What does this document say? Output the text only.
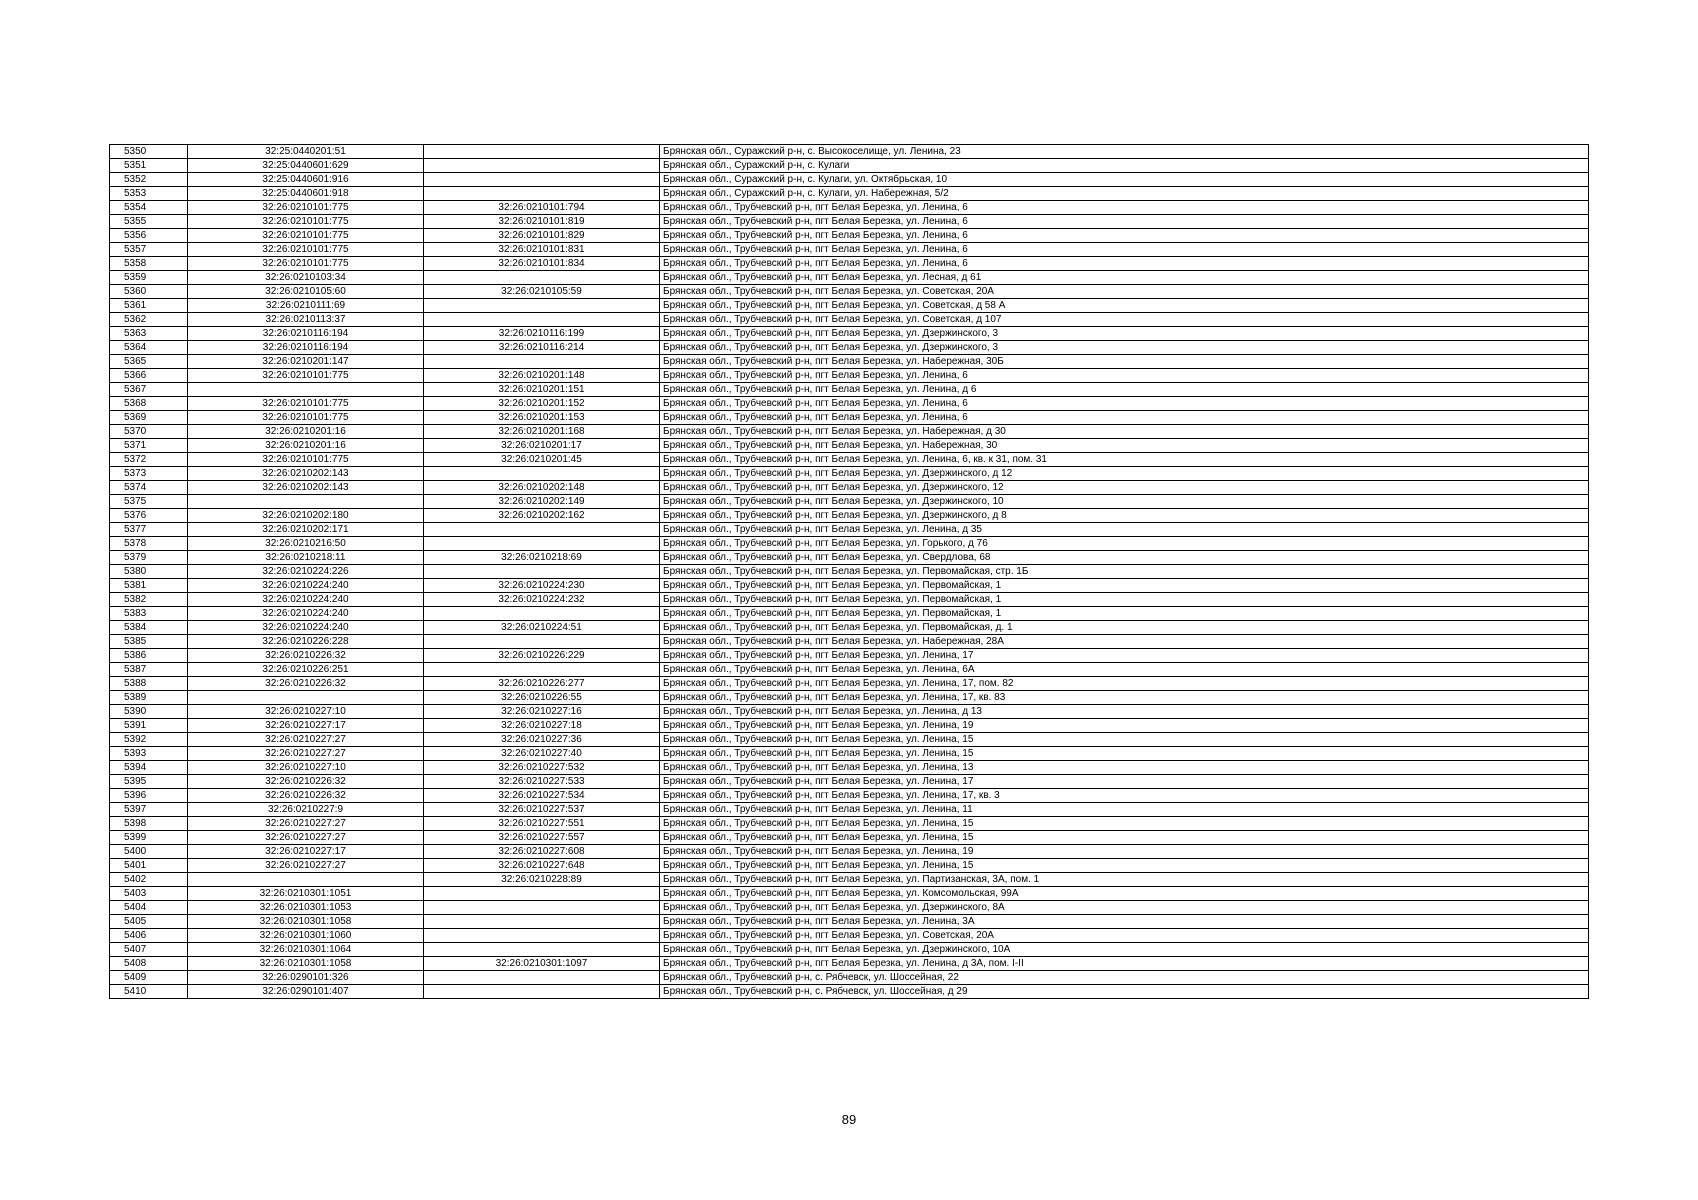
5350	32:25:0440201:51		Брянская обл., Суражский р-н, с. Высокоселище, ул. Ленина, 23
5351	32:25:0440601:629		Брянская обл., Суражский р-н, с. Кулаги
5352	32:25:0440601:916		Брянская обл., Суражский р-н, с. Кулаги, ул. Октябрьская, 10
5353	32:25:0440601:918		Брянская обл., Суражский р-н, с. Кулаги, ул. Набережная, 5/2
5354	32:26:0210101:775	32:26:0210101:794	Брянская обл., Трубчевский р-н, пгт Белая Березка, ул. Ленина, 6
5355	32:26:0210101:775	32:26:0210101:819	Брянская обл., Трубчевский р-н, пгт Белая Березка, ул. Ленина, 6
5356	32:26:0210101:775	32:26:0210101:829	Брянская обл., Трубчевский р-н, пгт Белая Березка, ул. Ленина, 6
5357	32:26:0210101:775	32:26:0210101:831	Брянская обл., Трубчевский р-н, пгт Белая Березка, ул. Ленина, 6
5358	32:26:0210101:775	32:26:0210101:834	Брянская обл., Трубчевский р-н, пгт Белая Березка, ул. Ленина, 6
5359	32:26:0210103:34		Брянская обл., Трубчевский р-н, пгт Белая Березка, ул. Лесная, д 61
5360	32:26:0210105:60	32:26:0210105:59	Брянская обл., Трубчевский р-н, пгт Белая Березка, ул. Советская, 20А
5361	32:26:0210111:69		Брянская обл., Трубчевский р-н, пгт Белая Березка, ул. Советская, д 58 А
5362	32:26:0210113:37		Брянская обл., Трубчевский р-н, пгт Белая Березка, ул. Советская, д 107
5363	32:26:0210116:194	32:26:0210116:199	Брянская обл., Трубчевский р-н, пгт Белая Березка, ул. Дзержинского, 3
5364	32:26:0210116:194	32:26:0210116:214	Брянская обл., Трубчевский р-н, пгт Белая Березка, ул. Дзержинского, 3
5365	32:26:0210201:147		Брянская обл., Трубчевский р-н, пгт Белая Березка, ул. Набережная, 30Б
5366	32:26:0210101:775	32:26:0210201:148	Брянская обл., Трубчевский р-н, пгт Белая Березка, ул. Ленина, 6
5367		32:26:0210201:151	Брянская обл., Трубчевский р-н, пгт Белая Березка, ул. Ленина, д 6
5368	32:26:0210101:775	32:26:0210201:152	Брянская обл., Трубчевский р-н, пгт Белая Березка, ул. Ленина, 6
5369	32:26:0210101:775	32:26:0210201:153	Брянская обл., Трубчевский р-н, пгт Белая Березка, ул. Ленина, 6
5370	32:26:0210201:16	32:26:0210201:168	Брянская обл., Трубчевский р-н, пгт Белая Березка, ул. Набережная, д 30
5371	32:26:0210201:16	32:26:0210201:17	Брянская обл., Трубчевский р-н, пгт Белая Березка, ул. Набережная, 30
5372	32:26:0210101:775	32:26:0210201:45	Брянская обл., Трубчевский р-н, пгт Белая Березка, ул. Ленина, 6, кв. к 31, пом. 31
5373	32:26:0210202:143		Брянская обл., Трубчевский р-н, пгт Белая Березка, ул. Дзержинского, д 12
5374	32:26:0210202:143	32:26:0210202:148	Брянская обл., Трубчевский р-н, пгт Белая Березка, ул. Дзержинского, 12
5375		32:26:0210202:149	Брянская обл., Трубчевский р-н, пгт Белая Березка, ул. Дзержинского, 10
5376	32:26:0210202:180	32:26:0210202:162	Брянская обл., Трубчевский р-н, пгт Белая Березка, ул. Дзержинского, д 8
5377	32:26:0210202:171		Брянская обл., Трубчевский р-н, пгт Белая Березка, ул. Ленина, д 35
5378	32:26:0210216:50		Брянская обл., Трубчевский р-н, пгт Белая Березка, ул. Горького, д 76
5379	32:26:0210218:11	32:26:0210218:69	Брянская обл., Трубчевский р-н, пгт Белая Березка, ул. Свердлова, 68
5380	32:26:0210224:226		Брянская обл., Трубчевский р-н, пгт Белая Березка, ул. Первомайская, стр. 1Б
5381	32:26:0210224:240	32:26:0210224:230	Брянская обл., Трубчевский р-н, пгт Белая Березка, ул. Первомайская, 1
5382	32:26:0210224:240	32:26:0210224:232	Брянская обл., Трубчевский р-н, пгт Белая Березка, ул. Первомайская, 1
5383	32:26:0210224:240		Брянская обл., Трубчевский р-н, пгт Белая Березка, ул. Первомайская, 1
5384	32:26:0210224:240	32:26:0210224:51	Брянская обл., Трубчевский р-н, пгт Белая Березка, ул. Первомайская, д. 1
5385	32:26:0210226:228		Брянская обл., Трубчевский р-н, пгт Белая Березка, ул. Набережная, 28А
5386	32:26:0210226:32	32:26:0210226:229	Брянская обл., Трубчевский р-н, пгт Белая Березка, ул. Ленина, 17
5387	32:26:0210226:251		Брянская обл., Трубчевский р-н, пгт Белая Березка, ул. Ленина, 6А
5388	32:26:0210226:32	32:26:0210226:277	Брянская обл., Трубчевский р-н, пгт Белая Березка, ул. Ленина, 17, пом. 82
5389		32:26:0210226:55	Брянская обл., Трубчевский р-н, пгт Белая Березка, ул. Ленина, 17, кв. 83
5390	32:26:0210227:10	32:26:0210227:16	Брянская обл., Трубчевский р-н, пгт Белая Березка, ул. Ленина, д 13
5391	32:26:0210227:17	32:26:0210227:18	Брянская обл., Трубчевский р-н, пгт Белая Березка, ул. Ленина, 19
5392	32:26:0210227:27	32:26:0210227:36	Брянская обл., Трубчевский р-н, пгт Белая Березка, ул. Ленина, 15
5393	32:26:0210227:27	32:26:0210227:40	Брянская обл., Трубчевский р-н, пгт Белая Березка, ул. Ленина, 15
5394	32:26:0210227:10	32:26:0210227:532	Брянская обл., Трубчевский р-н, пгт Белая Березка, ул. Ленина, 13
5395	32:26:0210226:32	32:26:0210227:533	Брянская обл., Трубчевский р-н, пгт Белая Березка, ул. Ленина, 17
5396	32:26:0210226:32	32:26:0210227:534	Брянская обл., Трубчевский р-н, пгт Белая Березка, ул. Ленина, 17, кв. 3
5397	32:26:0210227:9	32:26:0210227:537	Брянская обл., Трубчевский р-н, пгт Белая Березка, ул. Ленина, 11
5398	32:26:0210227:27	32:26:0210227:551	Брянская обл., Трубчевский р-н, пгт Белая Березка, ул. Ленина, 15
5399	32:26:0210227:27	32:26:0210227:557	Брянская обл., Трубчевский р-н, пгт Белая Березка, ул. Ленина, 15
5400	32:26:0210227:17	32:26:0210227:608	Брянская обл., Трубчевский р-н, пгт Белая Березка, ул. Ленина, 19
5401	32:26:0210227:27	32:26:0210227:648	Брянская обл., Трубчевский р-н, пгт Белая Березка, ул. Ленина, 15
5402		32:26:0210228:89	Брянская обл., Трубчевский р-н, пгт Белая Березка, ул. Партизанская, 3А, пом. 1
5403	32:26:0210301:1051		Брянская обл., Трубчевский р-н, пгт Белая Березка, ул. Комсомольская, 99А
5404	32:26:0210301:1053		Брянская обл., Трубчевский р-н, пгт Белая Березка, ул. Дзержинского, 8А
5405	32:26:0210301:1058		Брянская обл., Трубчевский р-н, пгт Белая Березка, ул. Ленина, 3А
5406	32:26:0210301:1060		Брянская обл., Трубчевский р-н, пгт Белая Березка, ул. Советская, 20А
5407	32:26:0210301:1064		Брянская обл., Трубчевский р-н, пгт Белая Березка, ул. Дзержинского, 10А
5408	32:26:0210301:1058	32:26:0210301:1097	Брянская обл., Трубчевский р-н, пгт Белая Березка, ул. Ленина, д 3А, пом. I-II
5409	32:26:0290101:326		Брянская обл., Трубчевский р-н, с. Рябчевск, ул. Шоссейная, 22
5410	32:26:0290101:407		Брянская обл., Трубчевский р-н, с. Рябчевск, ул. Шоссейная, д 29
89
